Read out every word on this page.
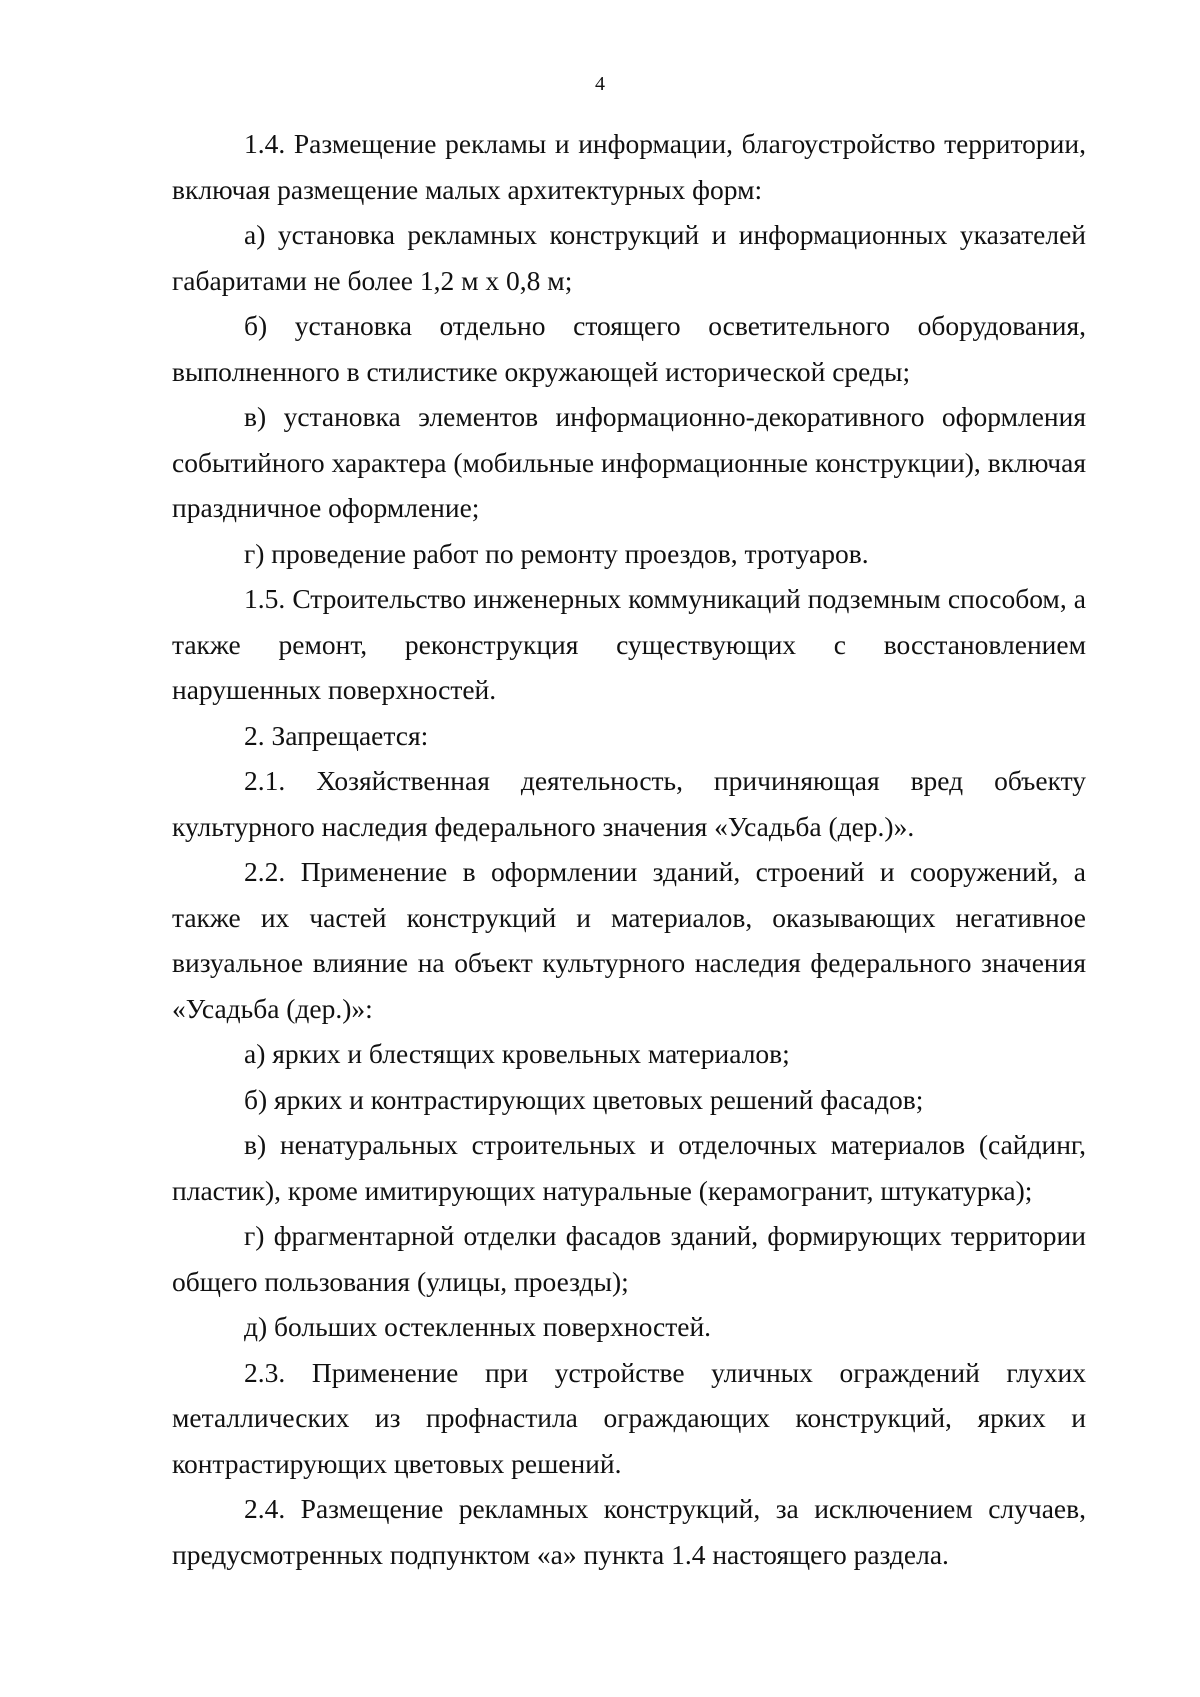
4

1.4. Размещение рекламы и информации, благоустройство территории, включая размещение малых архитектурных форм:

а) установка рекламных конструкций и информационных указателей габаритами не более 1,2 м х 0,8 м;

б) установка отдельно стоящего осветительного оборудования, выполненного в стилистике окружающей исторической среды;

в) установка элементов информационно-декоративного оформления событийного характера (мобильные информационные конструкции), включая праздничное оформление;

г) проведение работ по ремонту проездов, тротуаров.

1.5. Строительство инженерных коммуникаций подземным способом, а также ремонт, реконструкция существующих с восстановлением нарушенных поверхностей.

2. Запрещается:

2.1. Хозяйственная деятельность, причиняющая вред объекту культурного наследия федерального значения «Усадьба (дер.)».

2.2. Применение в оформлении зданий, строений и сооружений, а также их частей конструкций и материалов, оказывающих негативное визуальное влияние на объект культурного наследия федерального значения «Усадьба (дер.)»:

а) ярких и блестящих кровельных материалов;

б) ярких и контрастирующих цветовых решений фасадов;

в) ненатуральных строительных и отделочных материалов (сайдинг, пластик), кроме имитирующих натуральные (керамогранит, штукатурка);

г) фрагментарной отделки фасадов зданий, формирующих территории общего пользования (улицы, проезды);

д) больших остекленных поверхностей.

2.3. Применение при устройстве уличных ограждений глухих металлических из профнастила ограждающих конструкций, ярких и контрастирующих цветовых решений.

2.4. Размещение рекламных конструкций, за исключением случаев, предусмотренных подпунктом «а» пункта 1.4 настоящего раздела.
